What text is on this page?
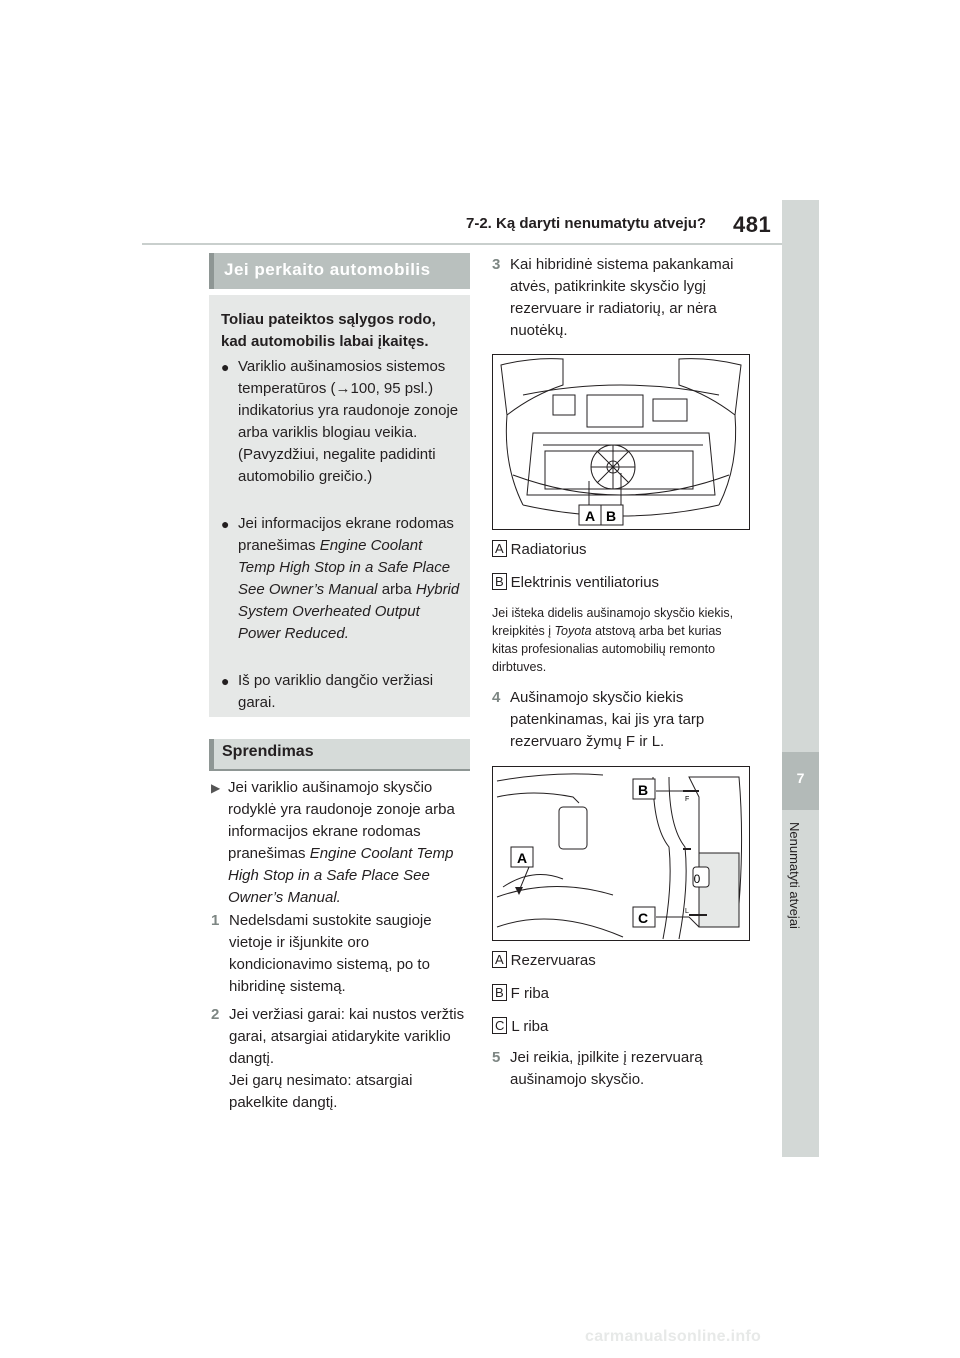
7-2. Ką daryti nenumatytu atveju? 481
7
Nenumatyti atvejai
Jei perkaito automobilis
Toliau pateiktos sąlygos rodo, kad automobilis labai įkaitęs.
● Variklio aušinamosios sistemos temperatūros (→100, 95 psl.) indikatorius yra raudonoje zonoje arba variklis blogiau veikia. (Pavyzdžiui, negalite padidinti automobilio greičio.)
● Jei informacijos ekrane rodomas pranešimas Engine Coolant Temp High Stop in a Safe Place See Owner’s Manual arba Hybrid System Overheated Output Power Reduced.
● Iš po variklio dangčio veržiasi garai.
Sprendimas
▶ Jei variklio aušinamojo skysčio rodyklė yra raudonoje zonoje arba informacijos ekrane rodomas pranešimas Engine Coolant Temp High Stop in a Safe Place See Owner’s Manual.
1 Nedelsdami sustokite saugioje vietoje ir išjunkite oro kondicionavimo sistemą, po to hibridinę sistemą.
2 Jei veržiasi garai: kai nustos veržtis garai, atsargiai atidarykite variklio dangtį.
Jei garų nesimato: atsargiai pakelkite dangtį.
3 Kai hibridinė sistema pakankamai atvės, patikrinkite skysčio lygį rezervuare ir radiatorių, ar nėra nuotėkų.
A B
A Radiatorius
B Elektrinis ventiliatorius
Jei išteka didelis aušinamojo skysčio kiekis, kreipkitės į Toyota atstovą arba bet kurias kitas profesionalias automobilių remonto dirbtuves.
4 Aušinamojo skysčio kiekis patenkinamas, kai jis yra tarp rezervuaro žymų F ir L.
0
F
L
A
B
C
A Rezervuaras
B F riba
C L riba
5 Jei reikia, įpilkite į rezervuarą aušinamojo skysčio.
carmanualsonline.info
